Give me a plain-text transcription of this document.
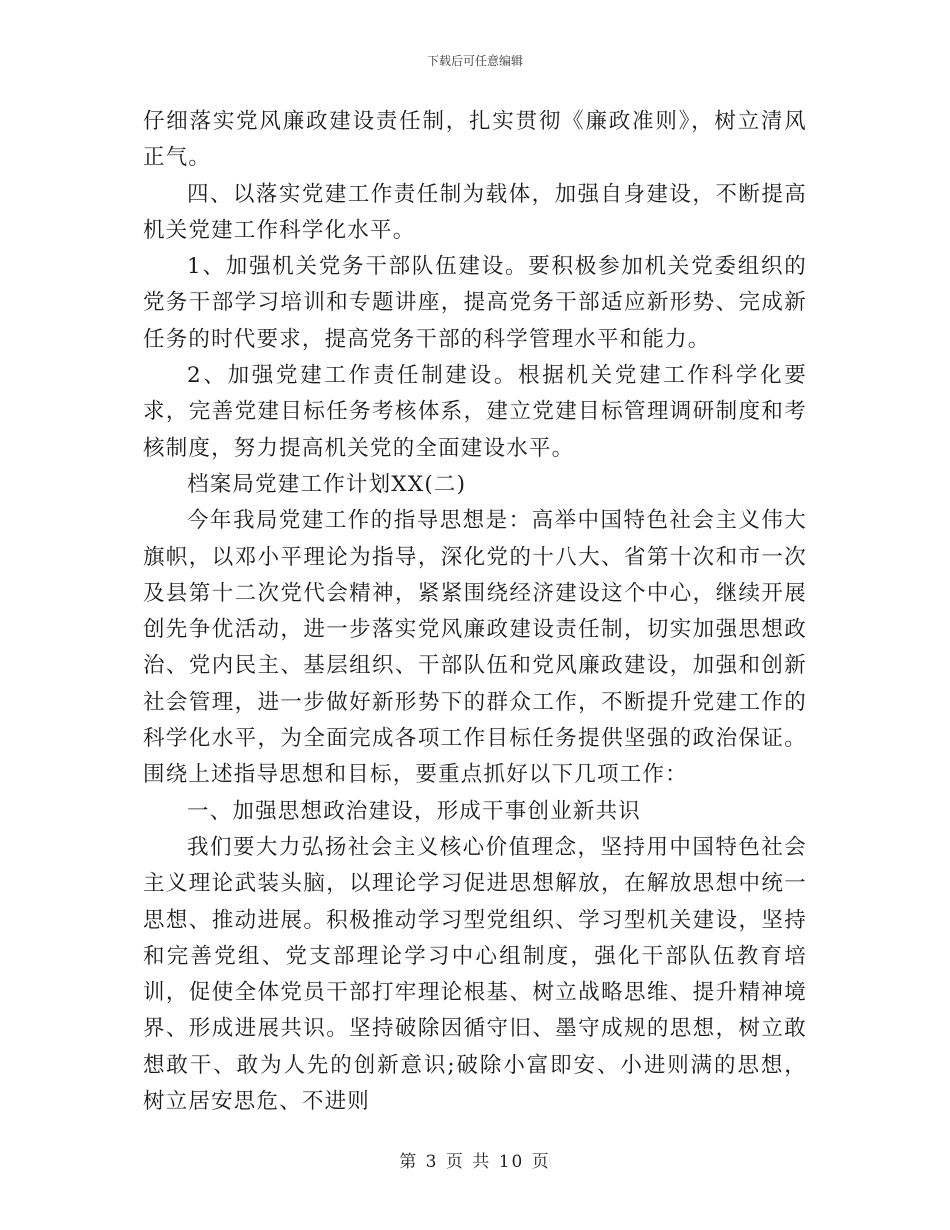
下载后可任意编辑

仔细落实党风廉政建设责任制，扎实贯彻《廉政准则》，树立清风正气。

四、以落实党建工作责任制为载体，加强自身建设，不断提高机关党建工作科学化水平。

1、加强机关党务干部队伍建设。要积极参加机关党委组织的党务干部学习培训和专题讲座，提高党务干部适应新形势、完成新任务的时代要求，提高党务干部的科学管理水平和能力。

2、加强党建工作责任制建设。根据机关党建工作科学化要求，完善党建目标任务考核体系，建立党建目标管理调研制度和考核制度，努力提高机关党的全面建设水平。

档案局党建工作计划XX(二)

今年我局党建工作的指导思想是：高举中国特色社会主义伟大旗帜，以邓小平理论为指导，深化党的十八大、省第十次和市一次及县第十二次党代会精神，紧紧围绕经济建设这个中心，继续开展创先争优活动，进一步落实党风廉政建设责任制，切实加强思想政治、党内民主、基层组织、干部队伍和党风廉政建设，加强和创新社会管理，进一步做好新形势下的群众工作，不断提升党建工作的科学化水平，为全面完成各项工作目标任务提供坚强的政治保证。围绕上述指导思想和目标，要重点抓好以下几项工作：

一、加强思想政治建设，形成干事创业新共识

我们要大力弘扬社会主义核心价值理念，坚持用中国特色社会主义理论武装头脑，以理论学习促进思想解放，在解放思想中统一思想、推动进展。积极推动学习型党组织、学习型机关建设，坚持和完善党组、党支部理论学习中心组制度，强化干部队伍教育培训，促使全体党员干部打牢理论根基、树立战略思维、提升精神境界、形成进展共识。坚持破除因循守旧、墨守成规的思想，树立敢想敢干、敢为人先的创新意识;破除小富即安、小进则满的思想，树立居安思危、不进则

第 3 页 共 10 页
